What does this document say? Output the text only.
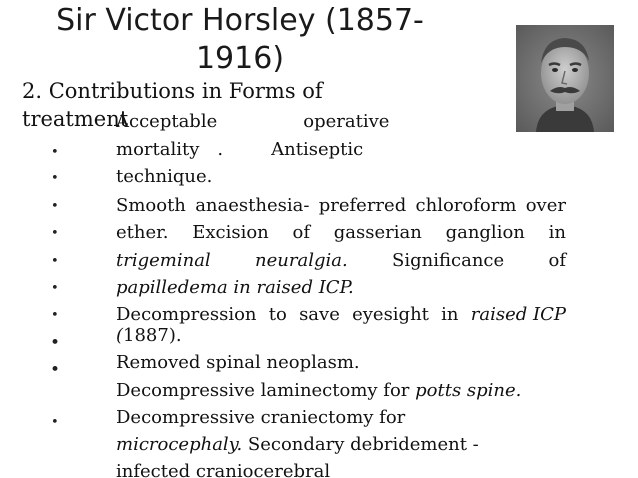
Sir Victor Horsley (1857-
1916)
2. Contributions in Forms of
treatment
•
•
•
•
•
•
•
•
•
•
Acceptable	operative
mortality .	Antiseptic
technique.
Smooth anaesthesia- preferred chloroform over
ether. Excision of gasserian ganglion in
trigeminal neuralgia. Significance of
papilledema in raised ICP.
Decompression to save eyesight in raised ICP
(1887).
Removed spinal neoplasm.
Decompressive laminectomy for potts spine.
Decompressive craniectomy for
microcephaly. Secondary debridement -
infected craniocerebral
